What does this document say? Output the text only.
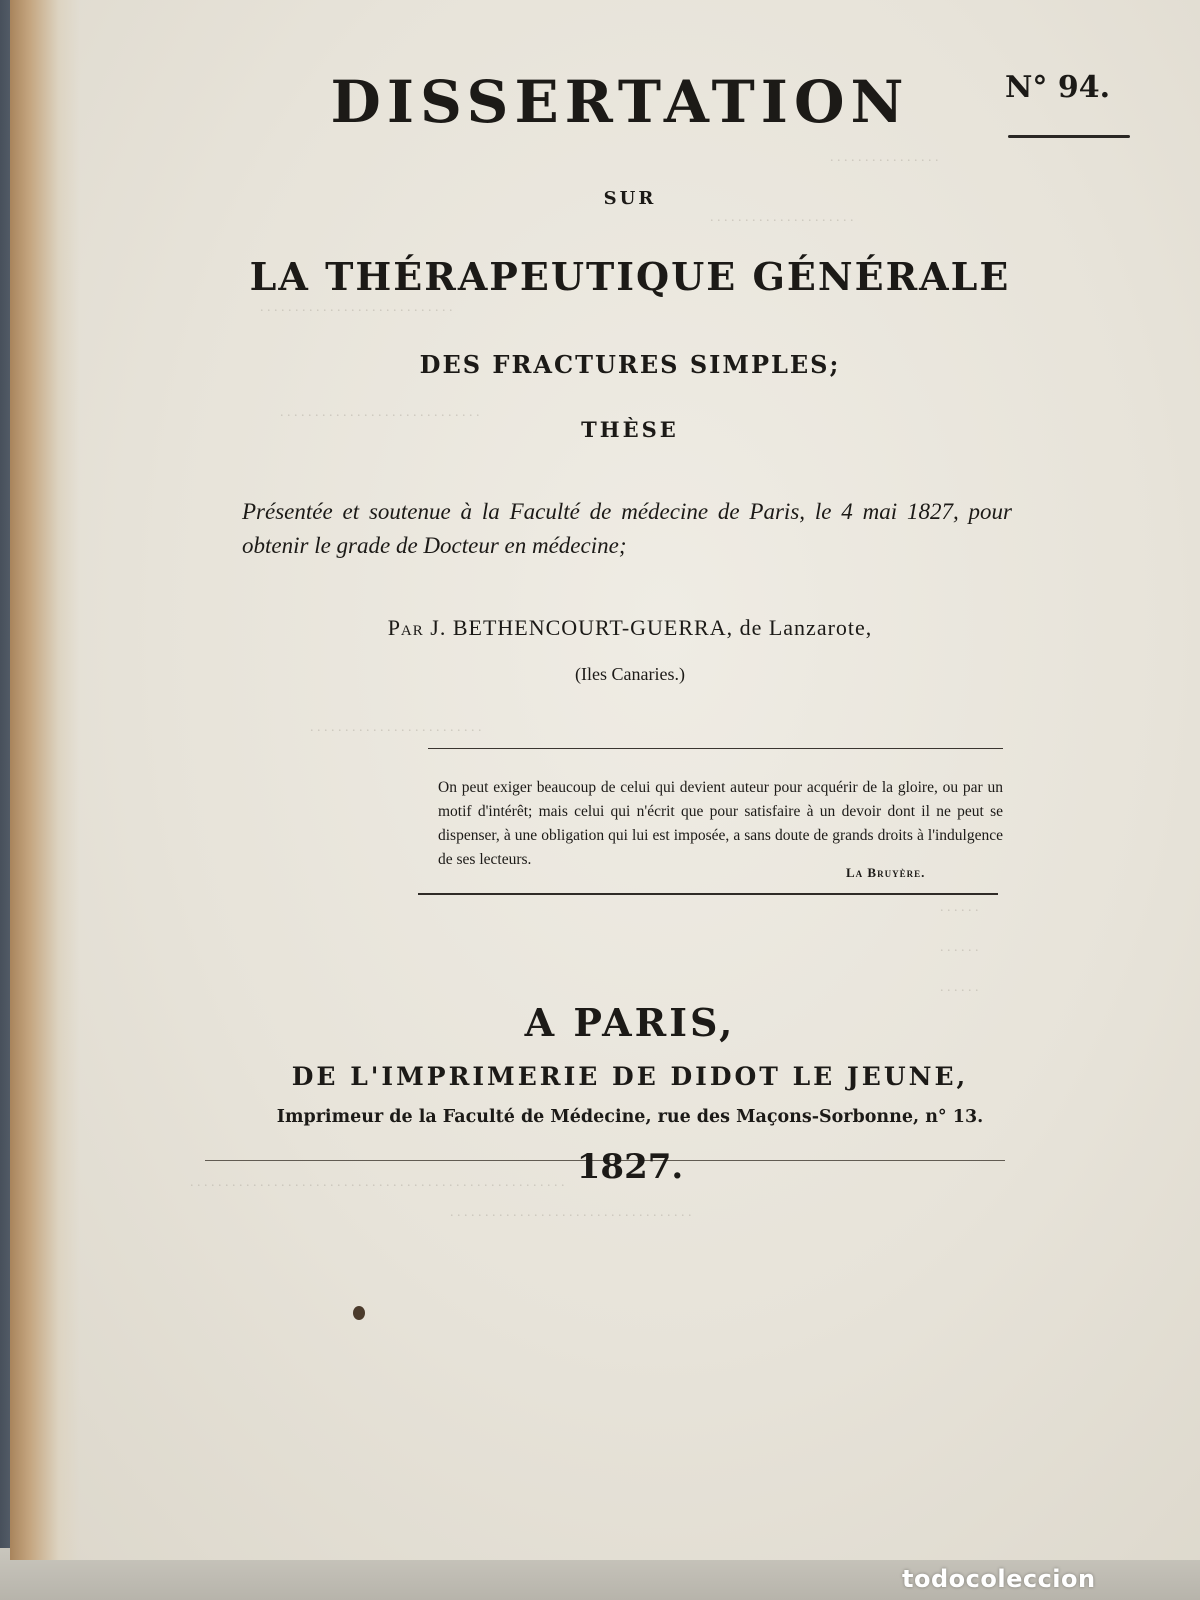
. . . . . . . . . . . . . . . .
. . . . . . . . . . . . . . . . . . . . .
. . . . . . . . . . . . . . . . . . . . . . . . . . . .
. . . . . . . . . . . . . . . . . . . . . . . . . . . . .
. . . . . . . . . . . . . . . . . . . . . . . . .
. . . . . .
. . . . . .
. . . . . .
. . . . . . . . . . . . . . . . . . . . . . . . . . . . . . . . . . . . . . . . . . . . . . . . . . . . . .
. . . . . . . . . . . . . . . . . . . . . . . . . . . . . . . . . . .
DISSERTATION	N° 94.
SUR
LA THÉRAPEUTIQUE GÉNÉRALE
DES FRACTURES SIMPLES;
THÈSE

Présentée et soutenue à la Faculté de médecine de Paris, le 4 mai 1827, pour obtenir le grade de Docteur en médecine;

Par J. BETHENCOURT-GUERRA, de Lanzarote,
(Iles Canaries.)

On peut exiger beaucoup de celui qui devient auteur pour acquérir de la gloire, ou par un motif d'intérêt; mais celui qui n'écrit que pour satisfaire à un devoir dont il ne peut se dispenser, à une obligation qui lui est imposée, a sans doute de grands droits à l'indulgence de ses lecteurs.

La Bruyère.
A PARIS,
DE L'IMPRIMERIE DE DIDOT LE JEUNE,
Imprimeur de la Faculté de Médecine, rue des Maçons-Sorbonne, n° 13.
1827.
todocoleccion
